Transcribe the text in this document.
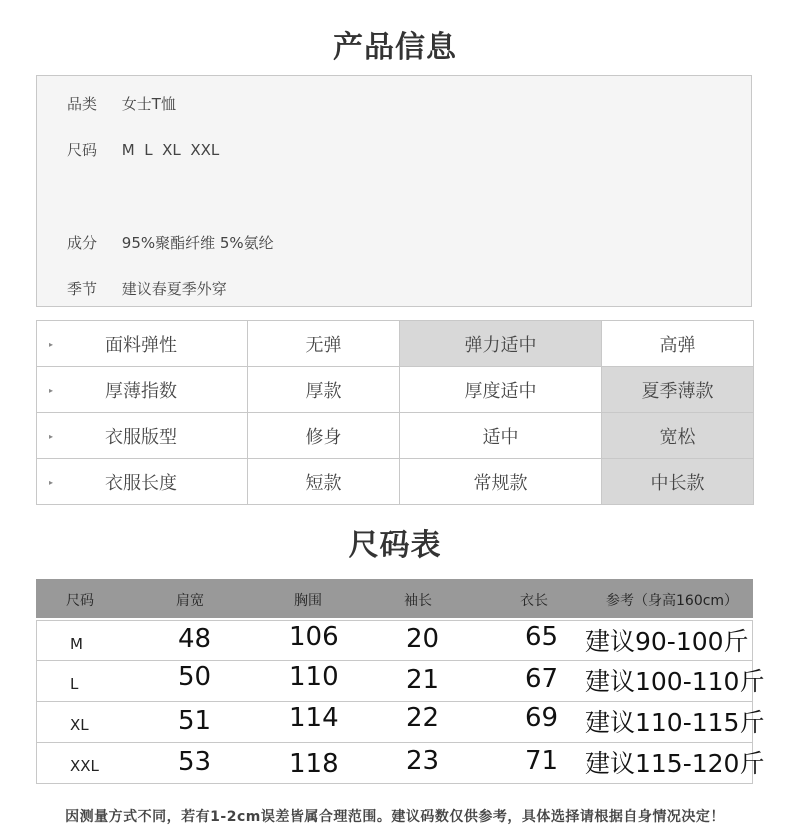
产品信息
品类 女士T恤
尺码 M  L  XL  XXL
成分 95%聚酯纤维 5%氨纶
季节 建议春夏季外穿
▸ 面料弹性	无弹	弹力适中	高弹

▸ 厚薄指数	厚款	厚度适中	夏季薄款

▸ 衣服版型	修身	适中	宽松

▸ 衣服长度	短款	常规款	中长款
尺码表
尺码	肩宽	胸围	袖长	衣长	参考（身高160cm）
M	48	106	20	65 建议90-100斤
L	50	110	21	67 建议100-110斤
XL	51	114	22	69 建议110-115斤
XXL	53	118	23	71 建议115-120斤
因测量方式不同，若有1-2cm误差皆属合理范围。建议码数仅供参考，具体选择请根据自身情况决定！
